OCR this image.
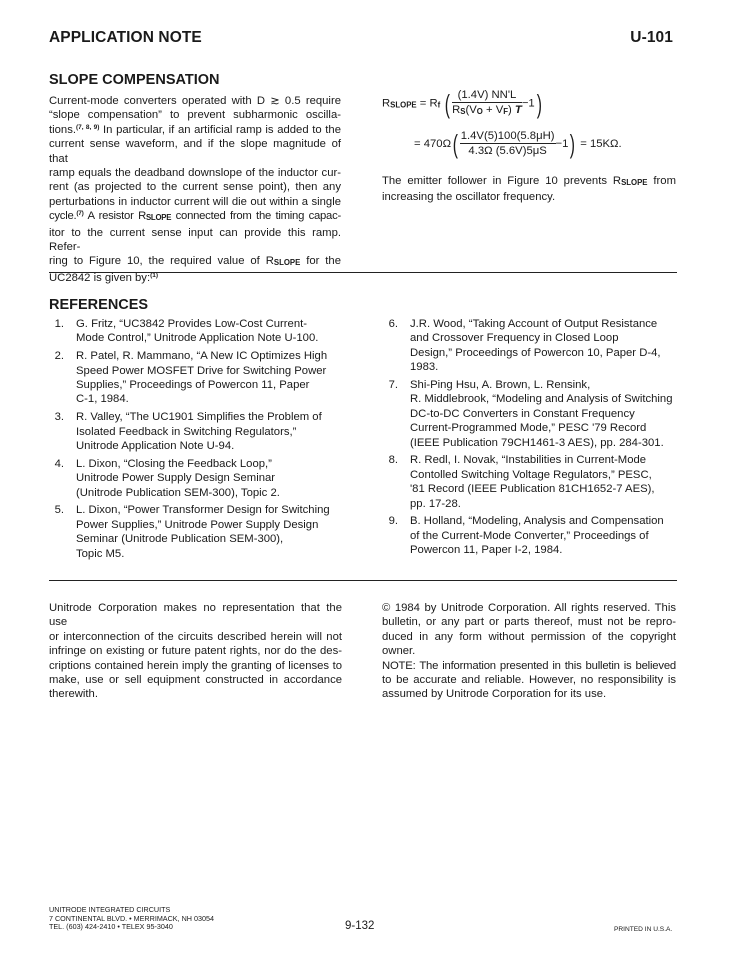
APPLICATION NOTE	U-101
SLOPE COMPENSATION
Current-mode converters operated with D ≳ 0.5 require
“slope compensation” to prevent subharmonic oscilla-
tions.$^{(7, 8, 9)}$ In particular, if an artificial ramp is added to the
current sense waveform, and if the slope magnitude of that
ramp equals the deadband downslope of the inductor cur-
rent (as projected to the current sense point), then any
perturbations in inductor current will die out within a single
cycle.$^{(7)}$ A resistor RSLOPE connected from the timing capac-
itor to the current sense input can provide this ramp. Refer-
ring to Figure 10, the required value of RSLOPE for the
UC2842 is given by:$^{(1)}$
RSLOPE = Rf ( $\frac{(1.4V) NN'L}{RS(VO + VF) T} -1$)
= $470\Omega( \frac{1.4V(5)100(5.8\mu H)}{4.3\Omega (5.6V)5\mu S} -1) = 15K\Omega$.
The emitter follower in Figure 10 prevents RSLOPE from
increasing the oscillator frequency.
REFERENCES
1. G. Fritz, “UC3842 Provides Low-Cost Current-
Mode Control,” Unitrode Application Note U-100.
2. R. Patel, R. Mammano, “A New IC Optimizes High
Speed Power MOSFET Drive for Switching Power
Supplies,” Proceedings of Powercon 11, Paper
C-1, 1984.
3. R. Valley, “The UC1901 Simplifies the Problem of
Isolated Feedback in Switching Regulators,”
Unitrode Application Note U-94.
4. L. Dixon, “Closing the Feedback Loop,”
Unitrode Power Supply Design Seminar
(Unitrode Publication SEM-300), Topic 2.
5. L. Dixon, “Power Transformer Design for Switching
Power Supplies,” Unitrode Power Supply Design
Seminar (Unitrode Publication SEM-300),
Topic M5.
6. J.R. Wood, “Taking Account of Output Resistance
and Crossover Frequency in Closed Loop
Design,” Proceedings of Powercon 10, Paper D-4,
1983.
7. Shi-Ping Hsu, A. Brown, L. Rensink,
R. Middlebrook, “Modeling and Analysis of Switching
DC-to-DC Converters in Constant Frequency
Current-Programmed Mode,” PESC '79 Record
(IEEE Publication 79CH1461-3 AES), pp. 284-301.
8. R. Redl, I. Novak, “Instabilities in Current-Mode
Contolled Switching Voltage Regulators,” PESC,
'81 Record (IEEE Publication 81CH1652-7 AES),
pp. 17-28.
9. B. Holland, “Modeling, Analysis and Compensation
of the Current-Mode Converter,” Proceedings of
Powercon 11, Paper I-2, 1984.
Unitrode Corporation makes no representation that the use
or interconnection of the circuits described herein will not
infringe on existing or future patent rights, nor do the des-
criptions contained herein imply the granting of licenses to
make, use or sell equipment constructed in accordance
therewith.
© 1984 by Unitrode Corporation. All rights reserved. This
bulletin, or any part or parts thereof, must not be repro-
duced in any form without permission of the copyright
owner.
NOTE: The information presented in this bulletin is believed
to be accurate and reliable. However, no responsibility is
assumed by Unitrode Corporation for its use.
UNITRODE INTEGRATED CIRCUITS
7 CONTINENTAL BLVD. • MERRIMACK, NH 03054
TEL. (603) 424-2410 • TELEX 95-3040	9-132	PRINTED IN U.S.A.
